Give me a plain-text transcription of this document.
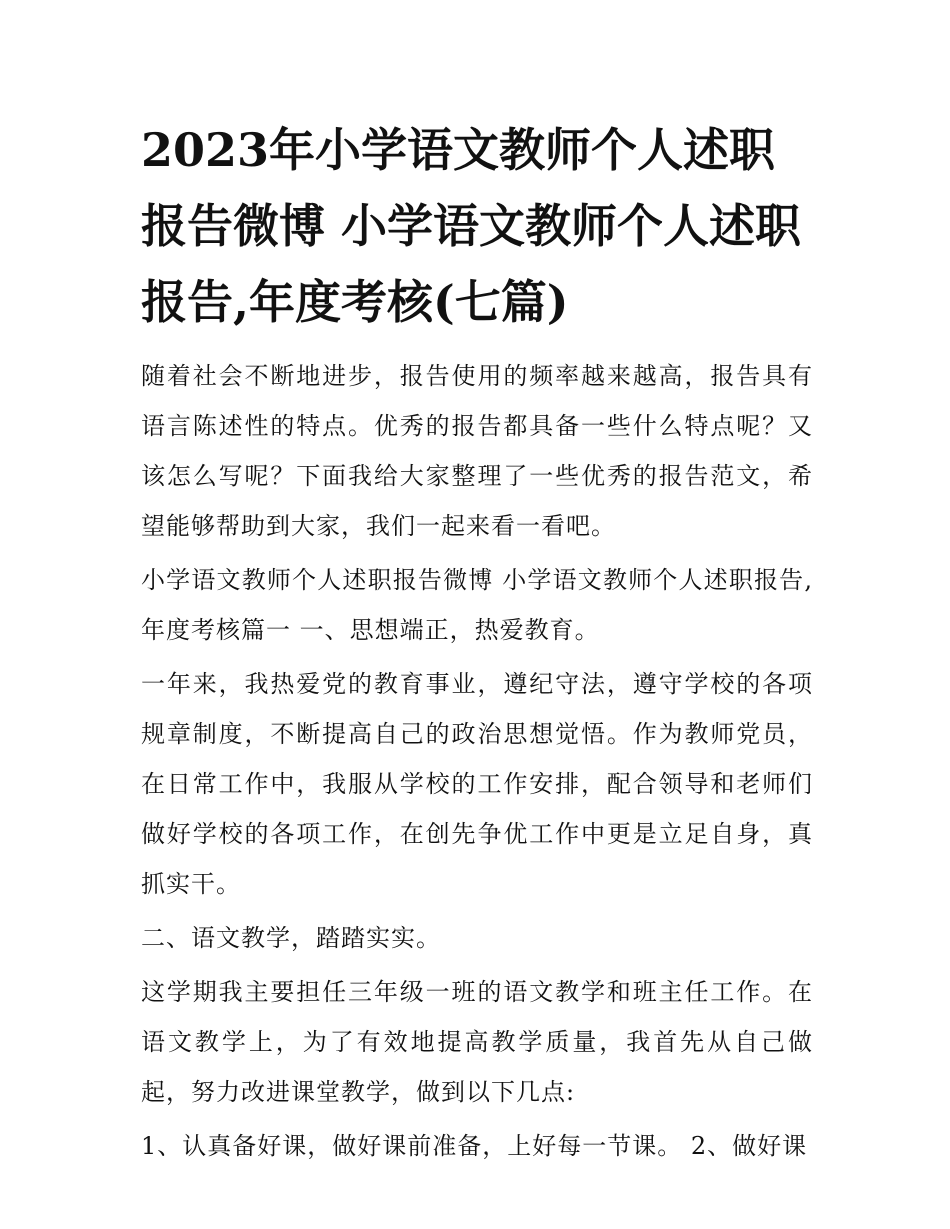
2023年小学语文教师个人述职报告微博 小学语文教师个人述职报告,年度考核(七篇)

随着社会不断地进步，报告使用的频率越来越高，报告具有语言陈述性的特点。优秀的报告都具备一些什么特点呢？又该怎么写呢？下面我给大家整理了一些优秀的报告范文，希望能够帮助到大家，我们一起来看一看吧。

小学语文教师个人述职报告微博 小学语文教师个人述职报告,年度考核篇一 一、思想端正，热爱教育。

一年来，我热爱党的教育事业，遵纪守法，遵守学校的各项规章制度，不断提高自己的政治思想觉悟。作为教师党员，在日常工作中，我服从学校的工作安排，配合领导和老师们做好学校的各项工作，在创先争优工作中更是立足自身，真抓实干。

二、语文教学，踏踏实实。

这学期我主要担任三年级一班的语文教学和班主任工作。在语文教学上，为了有效地提高教学质量，我首先从自己做起，努力改进课堂教学，做到以下几点:

1、认真备好课，做好课前准备，上好每一节课。 2、做好课
